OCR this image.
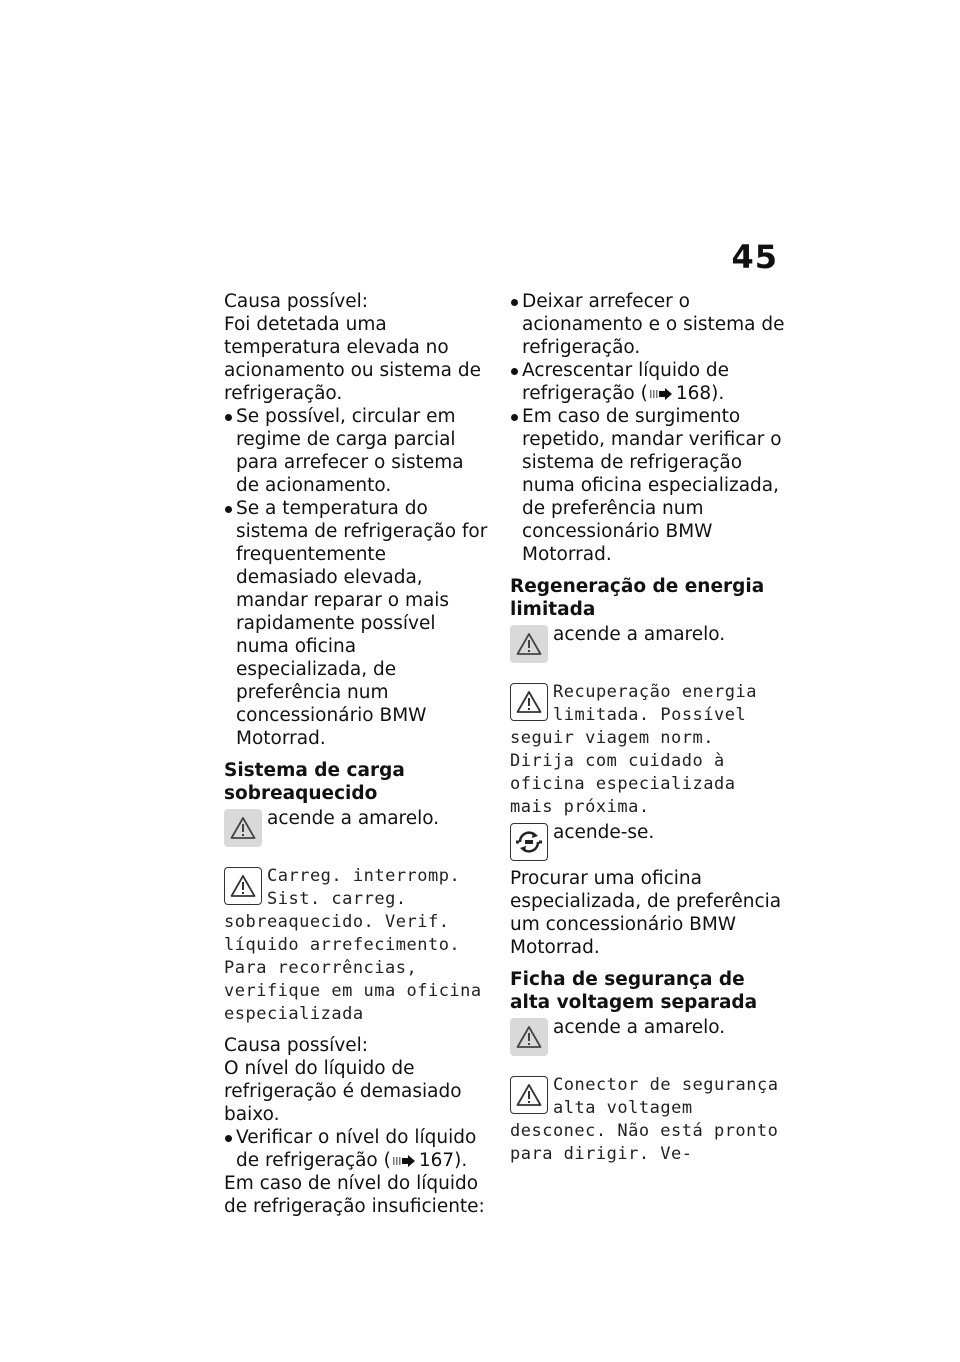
45

Causa possível:

Foi detetada uma temperatura elevada no acionamento ou sistema de refrigeração.

Se possível, circular em regime de carga parcial para arrefecer o sistema de acionamento.
Se a temperatura do sistema de refrigeração for frequentemente demasiado elevada, mandar reparar o mais rapidamente possível numa oficina especializada, de preferência num concessionário BMW Motorrad.
Sistema de carga sobreaquecido
acende a amarelo.
Carreg. interromp. Sist. carreg. sobreaquecido. Verif. líquido arrefecimento. Para recorrências, verifique em uma oficina especializada

Causa possível:

O nível do líquido de refrigeração é demasiado baixo.

Verificar o nível do líquido de refrigeração ( 167).

Em caso de nível do líquido de refrigeração insuficiente:

Deixar arrefecer o acionamento e o sistema de refrigeração.
Acrescentar líquido de refrigeração ( 168).
Em caso de surgimento repetido, mandar verificar o sistema de refrigeração numa oficina especializada, de preferência num concessionário BMW Motorrad.
Regeneração de energia limitada
acende a amarelo.
Recuperação energia limitada. Possível seguir viagem norm. Dirija com cuidado à oficina especializada mais próxima.
acende-se.

Procurar uma oficina especializada, de preferência um concessionário BMW Motorrad.

Ficha de segurança de alta voltagem separada
acende a amarelo.
Conector de segurança alta voltagem desconec. Não está pronto para dirigir. Ve-
